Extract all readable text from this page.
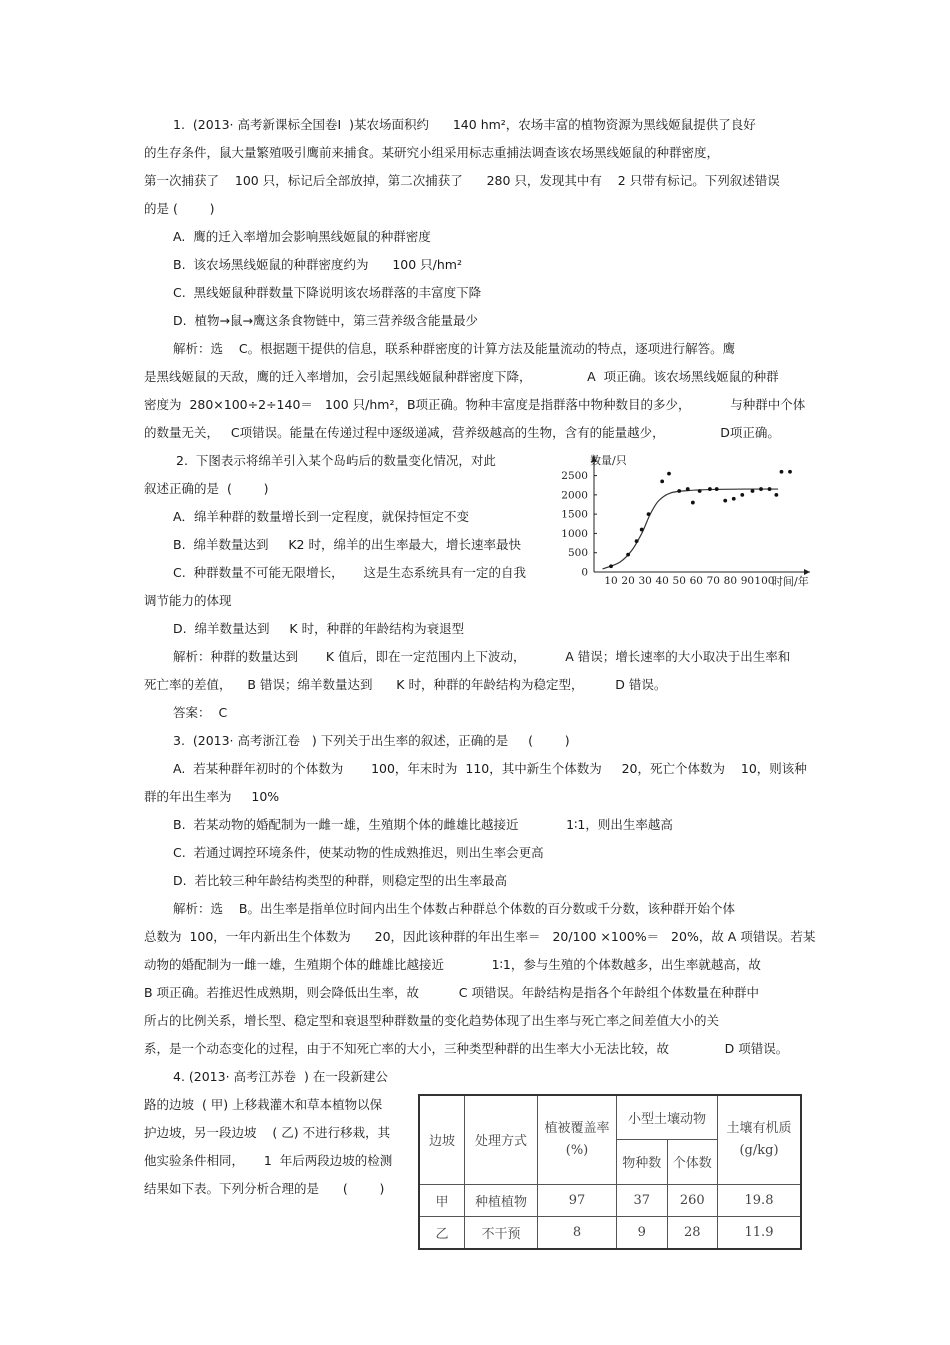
1.  (2013· 高考新课标全国卷Ⅰ  )某农场面积约      140 hm²，农场丰富的植物资源为黑线姬鼠提供了良好
的生存条件，鼠大量繁殖吸引鹰前来捕食。某研究小组采用标志重捕法调查该农场黑线姬鼠的种群密度，
第一次捕获了    100 只，标记后全部放掉，第二次捕获了      280 只，发现其中有    2 只带有标记。下列叙述错误
的是 (        )
A.  鹰的迁入率增加会影响黑线姬鼠的种群密度
B.  该农场黑线姬鼠的种群密度约为      100 只/hm²
C.  黑线姬鼠种群数量下降说明该农场群落的丰富度下降
D.  植物→鼠→鹰这条食物链中，第三营养级含能量最少
解析：选    C。根据题干提供的信息，联系种群密度的计算方法及能量流动的特点，逐项进行解答。鹰
是黑线姬鼠的天敌，鹰的迁入率增加，会引起黑线姬鼠种群密度下降，              A  项正确。该农场黑线姬鼠的种群
密度为  280×100÷2÷140＝   100 只/hm²，B项正确。物种丰富度是指群落中物种数目的多少，          与种群中个体
的数量无关，   C项错误。能量在传递过程中逐级递减，营养级越高的生物，含有的能量越少，              D项正确。
2.  下图表示将绵羊引入某个岛屿后的数量变化情况，对此
叙述正确的是  (        )
A．绵羊种群的数量增长到一定程度，就保持恒定不变
B.  绵羊数量达到     K2 时，绵羊的出生率最大，增长速率最快
C.  种群数量不可能无限增长，     这是生态系统具有一定的自我
调节能力的体现
D.  绵羊数量达到     K 时，种群的年龄结构为衰退型
解析：种群的数量达到       K 值后，即在一定范围内上下波动，          A 错误；增长速率的大小取决于出生率和
死亡率的差值，    B 错误；绵羊数量达到      K 时，种群的年龄结构为稳定型，        D 错误。
答案：  C
10 20 30 40 50 60 70 80 90 100
0
500
1000
1500
2000
2500
数量/只
时间/年
3.  (2013· 高考浙江卷   ) 下列关于出生率的叙述，正确的是     (        )
A.  若某种群年初时的个体数为       100，年末时为  110，其中新生个体数为     20，死亡个体数为    10，则该种
群的年出生率为     10%
B.  若某动物的婚配制为一雌一雄，生殖期个体的雌雄比越接近            1∶1，则出生率越高
C.  若通过调控环境条件，使某动物的性成熟推迟，则出生率会更高
D.  若比较三种年龄结构类型的种群，则稳定型的出生率最高
解析：选    B。出生率是指单位时间内出生个体数占种群总个体数的百分数或千分数，该种群开始个体
总数为  100，一年内新出生个体数为      20，因此该种群的年出生率＝   20/100 ×100%＝   20%，故 A 项错误。若某
动物的婚配制为一雌一雄，生殖期个体的雌雄比越接近            1∶1，参与生殖的个体数越多，出生率就越高，故
B 项正确。若推迟性成熟期，则会降低出生率，故          C 项错误。年龄结构是指各个年龄组个体数量在种群中
所占的比例关系，增长型、稳定型和衰退型种群数量的变化趋势体现了出生率与死亡率之间差值大小的关
系，是一个动态变化的过程，由于不知死亡率的大小，三种类型种群的出生率大小无法比较，故              D 项错误。
4. (2013· 高考江苏卷  ) 在一段新建公
路的边坡  ( 甲) 上移栽灌木和草本植物以保
护边坡，另一段边坡    ( 乙) 不进行移栽，其
他实验条件相同，     1  年后两段边坡的检测
结果如下表。下列分析合理的是      (        )
边坡	处理方式	植被覆盖率(%)	小型土壤动物		土壤有机质(g/kg)
			物种数	个体数	
甲	种植植物	97	37	260	19.8
乙	不干预	8	9	28	11.9
